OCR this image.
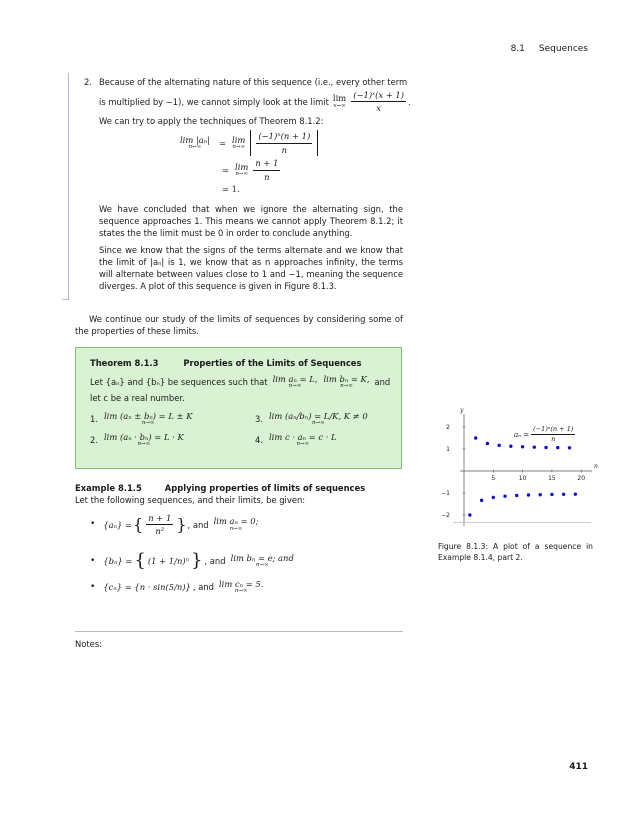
8.1 Sequences
2. Because of the alternating nature of this sequence (i.e., every other term

is multiplied by −1), we cannot simply look at the limit lim
$x\to\infty \frac{\text{(−1)ˣ(x + 1)}}{x}$ .

We can try to apply the techniques of Theorem 8.1.2:

lim |aₙ|
n→∞	= lim
$n\to\infty \frac{\text{(−1)ⁿ(n + 1)}}{n}$
= lim
$n\to\infty \frac{n + 1}{n}$
= 1.

We have concluded that when we ignore the alternating sign, the sequence approaches 1. This means we cannot apply Theorem 8.1.2; it states the the limit must be 0 in order to conclude anything.

Since we know that the signs of the terms alternate and we know that the limit of |aₙ| is 1, we know that as n approaches infinity, the terms will alternate between values close to 1 and −1, meaning the sequence diverges. A plot of this sequence is given in Figure 8.1.3.

We continue our study of the limits of sequences by considering some of the properties of these limits.
Theorem 8.1.3	Properties of the Limits of Sequences
Let {aₙ} and {bₙ} be sequences such that lim aₙ = L,
n→∞
lim bₙ = K,
n→∞	and
let c be a real number.
1. lim (aₙ ± bₙ) = L ± K
n→∞	3. lim (aₙ/bₙ) = L/K, K ≠ 0
n→∞
2. lim (aₙ · bₙ) = L · K
n→∞	4. lim c · aₙ = c · L
n→∞
Example 8.1.5	Applying properties of limits of sequences
Let the following sequences, and their limits, be given:
• {aₙ} = { $\frac{n + 1}{\text{n²}}$ } , and lim aₙ = 0;
n→∞
• {bₙ} = { (1 + 1/n)ⁿ } , and lim bₙ = e; and
n→∞
• {cₙ} = {n · sin(5/n)} , and lim cₙ = 5.
n→∞
Notes:
y
n
5	10	15	20
−2
−1
1
2
$a_n = \frac{\text{(−1)ⁿ(n + 1)}}{n}$
Figure 8.1.3: A plot of a sequence in Example 8.1.4, part 2.
411
